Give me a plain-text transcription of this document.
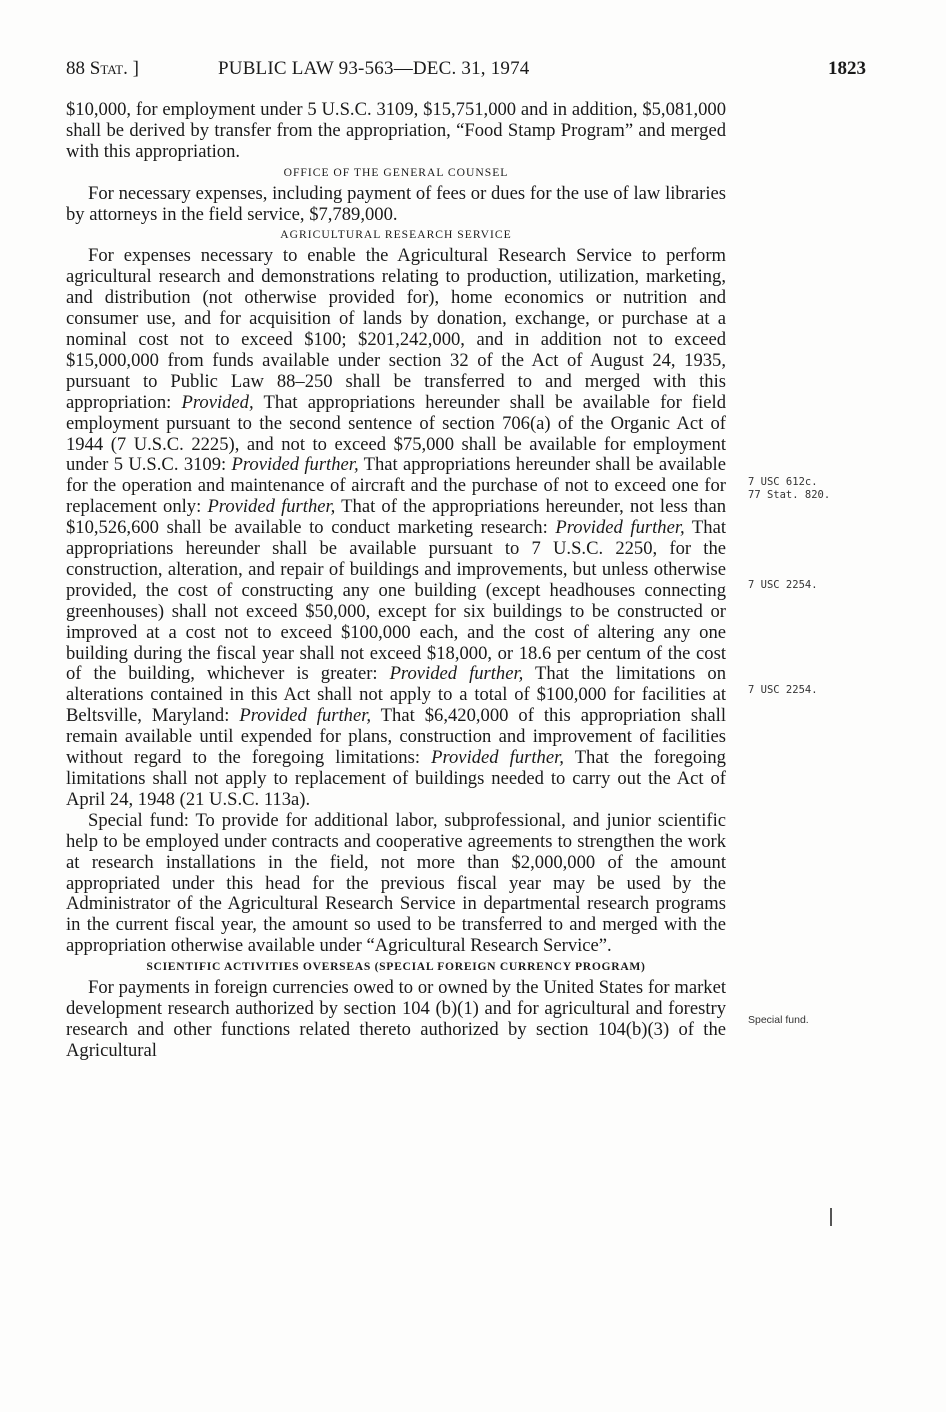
88 Stat. ]	PUBLIC LAW 93-563—DEC. 31, 1974	1823

$10,000, for employment under 5 U.S.C. 3109, $15,751,000 and in addition, $5,081,000 shall be derived by transfer from the appropriation, “Food Stamp Program” and merged with this appropriation.

OFFICE OF THE GENERAL COUNSEL

For necessary expenses, including payment of fees or dues for the use of law libraries by attorneys in the field service, $7,789,000.

AGRICULTURAL RESEARCH SERVICE

For expenses necessary to enable the Agricultural Research Service to perform agricultural research and demonstrations relating to production, utilization, marketing, and distribution (not otherwise provided for), home economics or nutrition and consumer use, and for acquisition of lands by donation, exchange, or purchase at a nominal cost not to exceed $100; $201,242,000, and in addition not to exceed $15,000,000 from funds available under section 32 of the Act of August 24, 1935, pursuant to Public Law 88–250 shall be transferred to and merged with this appropriation: Provided, That appropriations hereunder shall be available for field employment pursuant to the second sentence of section 706(a) of the Organic Act of 1944 (7 U.S.C. 2225), and not to exceed $75,000 shall be available for employment under 5 U.S.C. 3109: Provided further, That appropriations hereunder shall be available for the operation and maintenance of aircraft and the purchase of not to exceed one for replacement only: Provided further, That of the appropriations hereunder, not less than $10,526,600 shall be available to conduct marketing research: Provided further, That appropriations hereunder shall be available pursuant to 7 U.S.C. 2250, for the construction, alteration, and repair of buildings and improvements, but unless otherwise provided, the cost of constructing any one building (except headhouses connecting greenhouses) shall not exceed $50,000, except for six buildings to be constructed or improved at a cost not to exceed $100,000 each, and the cost of altering any one building during the fiscal year shall not exceed $18,000, or 18.6 per centum of the cost of the building, whichever is greater: Provided further, That the limitations on alterations contained in this Act shall not apply to a total of $100,000 for facilities at Beltsville, Maryland: Provided further, That $6,420,000 of this appropriation shall remain available until expended for plans, construction and improvement of facilities without regard to the foregoing limitations: Provided further, That the foregoing limitations shall not apply to replacement of buildings needed to carry out the Act of April 24, 1948 (21 U.S.C. 113a).

Special fund: To provide for additional labor, subprofessional, and junior scientific help to be employed under contracts and cooperative agreements to strengthen the work at research installations in the field, not more than $2,000,000 of the amount appropriated under this head for the previous fiscal year may be used by the Administrator of the Agricultural Research Service in departmental research programs in the current fiscal year, the amount so used to be transferred to and merged with the appropriation otherwise available under “Agricultural Research Service”.

SCIENTIFIC ACTIVITIES OVERSEAS (SPECIAL FOREIGN CURRENCY PROGRAM)

For payments in foreign currencies owed to or owned by the United States for market development research authorized by section 104 (b)(1) and for agricultural and forestry research and other functions related thereto authorized by section 104(b)(3) of the Agricultural

7 USC 612c.
77 Stat. 820.
7 USC 2254.
7 USC 2254.
Special fund.
